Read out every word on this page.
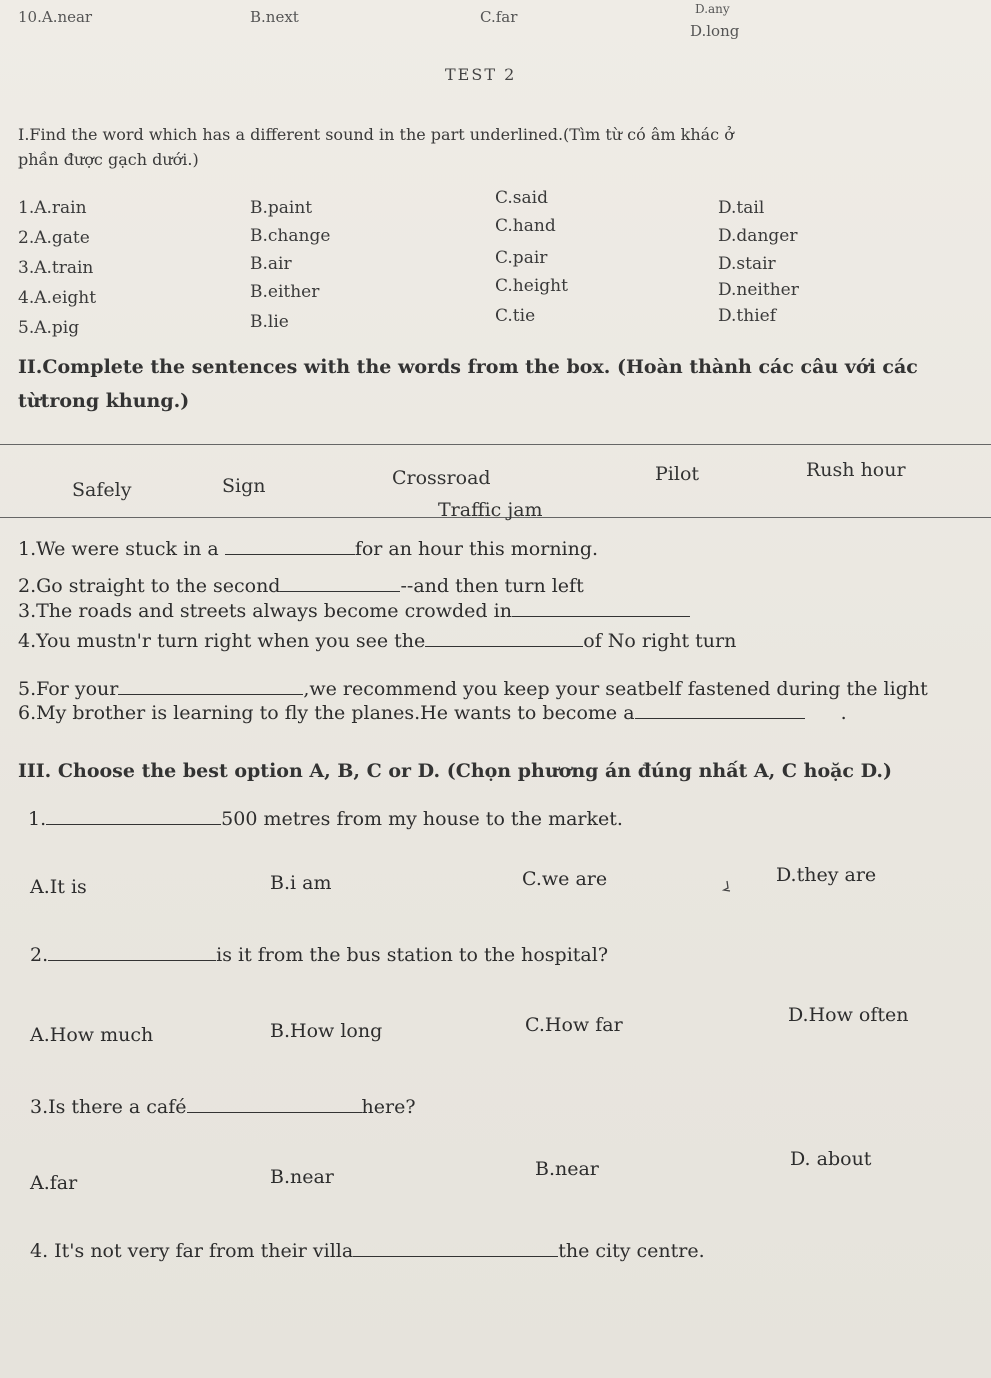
10.A.near	B.next	C.far	D.any
D.long
TEST 2
I.Find the word which has a different sound in the part underlined.(Tìm từ có âm khác ở
phần được gạch dưới.)
1.A.rain	B.paint	C.said	D.tail
2.A.gate	B.change	C.hand	D.danger
3.A.train	B.air	C.pair	D.stair
4.A.eight	B.either	C.height	D.neither
5.A.pig	B.lie	C.tie	D.thief
II.Complete the sentences with the words from the box. (Hoàn thành các câu với các
từtrong khung.)
Safely	Sign	Crossroad	Pilot	Rush hour
Traffic jam
1.We were stuck in a	for an hour this morning.
2.Go straight to the second	--and then turn left
3.The roads and streets always become crowded in
4.You mustn'r turn right when you see the	of No right turn
5.For your	,we recommend you keep your seatbelf fastened during the light
6.My brother is learning to fly the planes.He wants to become a	.
III. Choose the best option A, B, C or D. (Chọn phương án đúng nhất A, C hoặc D.)
1.	500 metres from my house to the market.
A.It is	B.i am	C.we are	D.they are
2.	is it from the bus station to the hospital?
A.How much	B.How long	C.How far	D.How often
3.Is there a café	here?
A.far	B.near	B.near	D. about
4. It's not very far from their villa	the city centre.
